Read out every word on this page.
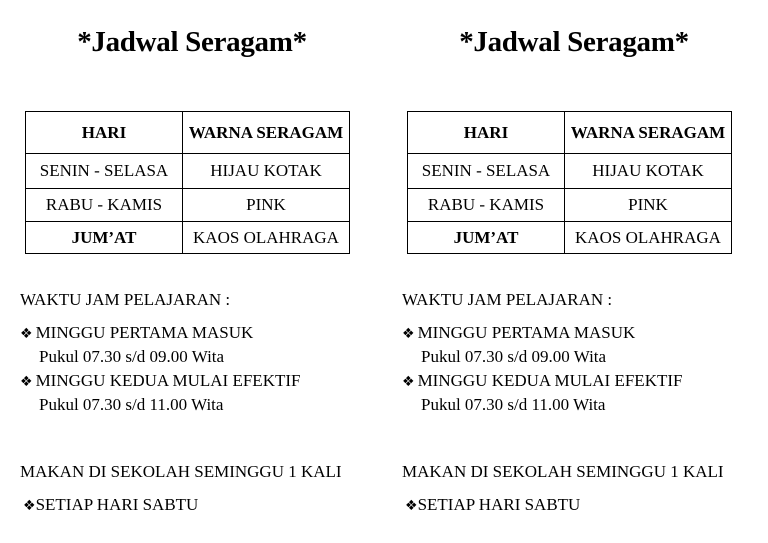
*Jadwal Seragam*
HARI	WARNA SERAGAM
SENIN - SELASA	HIJAU KOTAK
RABU - KAMIS	PINK
JUM’AT	KAOS OLAHRAGA
WAKTU JAM PELAJARAN :
❖ MINGGU PERTAMA MASUK
Pukul 07.30 s/d 09.00 Wita
❖ MINGGU KEDUA MULAI EFEKTIF
Pukul 07.30 s/d 11.00 Wita
MAKAN DI SEKOLAH SEMINGGU 1 KALI
❖SETIAP HARI SABTU
*Jadwal Seragam*
HARI	WARNA SERAGAM
SENIN - SELASA	HIJAU KOTAK
RABU - KAMIS	PINK
JUM’AT	KAOS OLAHRAGA
WAKTU JAM PELAJARAN :
❖ MINGGU PERTAMA MASUK
Pukul 07.30 s/d 09.00 Wita
❖ MINGGU KEDUA MULAI EFEKTIF
Pukul 07.30 s/d 11.00 Wita
MAKAN DI SEKOLAH SEMINGGU 1 KALI
❖SETIAP HARI SABTU
